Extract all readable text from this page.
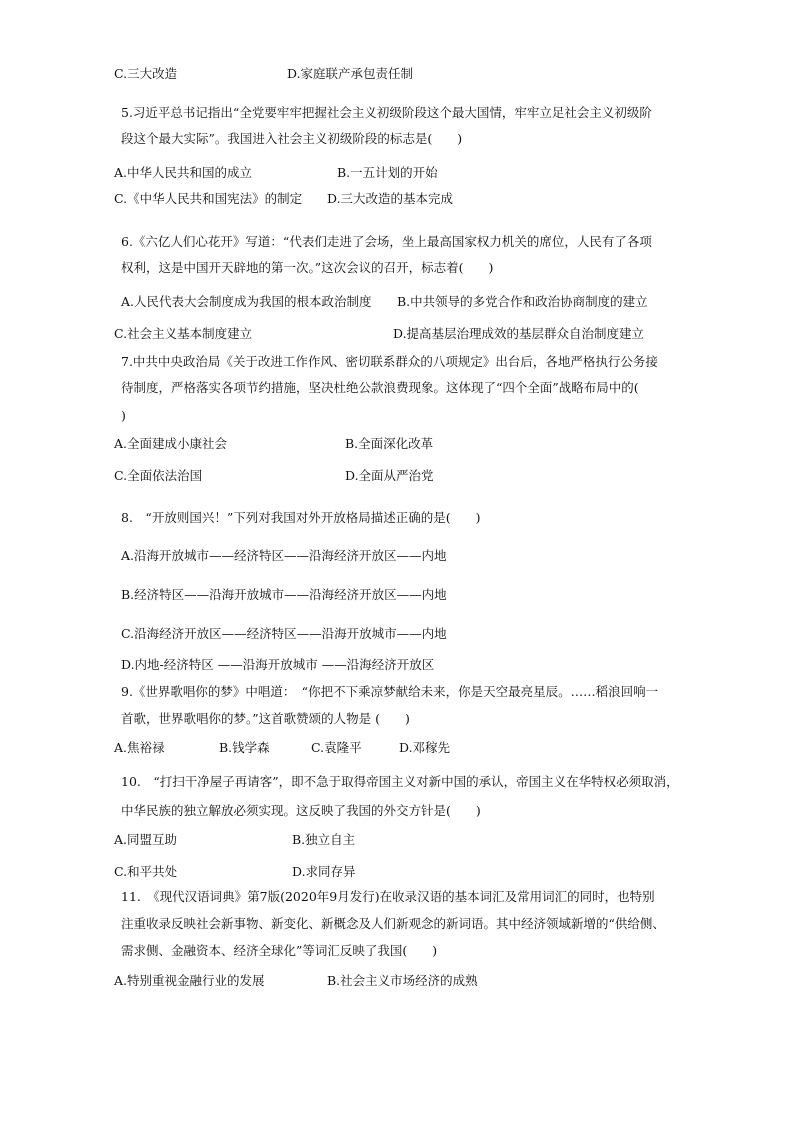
C.三大改造	D.家庭联产承包责任制
5.习近平总书记指出“全党要牢牢把握社会主义初级阶段这个最大国情，牢牢立足社会主义初级阶
段这个最大实际”。我国进入社会主义初级阶段的标志是(　　)
A.中华人民共和国的成立	B.一五计划的开始
C.《中华人民共和国宪法》的制定 D.三大改造的基本完成
6.《六亿人们心花开》写道：“代表们走进了会场，坐上最高国家权力机关的席位，人民有了各项
权利，这是中国开天辟地的第一次。”这次会议的召开，标志着(　　)
A.人民代表大会制度成为我国的根本政治制度 B.中共领导的多党合作和政治协商制度的建立
C.社会主义基本制度建立	D.提高基层治理成效的基层群众自治制度建立
7.中共中央政治局《关于改进工作作风、密切联系群众的八项规定》出台后，各地严格执行公务接
待制度，严格落实各项节约措施，坚决杜绝公款浪费现象。这体现了“四个全面”战略布局中的(
)
A.全面建成小康社会	B.全面深化改革
C.全面依法治国	D.全面从严治党
8.　“开放则国兴！”下列对我国对外开放格局描述正确的是(　　)
A.沿海开放城市——经济特区——沿海经济开放区——内地
B.经济特区——沿海开放城市——沿海经济开放区——内地
C.沿海经济开放区——经济特区——沿海开放城市——内地
D.内地-经济特区 ——沿海开放城市 ——沿海经济开放区
9.《世界歌唱你的梦》中唱道：　“你把不下乘凉梦献给未来，你是天空最亮星辰。……稻浪回响一
首歌，世界歌唱你的梦。”这首歌赞颂的人物是 (　　)
A.焦裕禄	B.钱学森	C.袁隆平	D.邓稼先
10.　“打扫干净屋子再请客”，即不急于取得帝国主义对新中国的承认，帝国主义在华特权必须取消，
中华民族的独立解放必须实现。这反映了我国的外交方针是(　　)
A.同盟互助	B.独立自主
C.和平共处	D.求同存异
11.　《现代汉语词典》第7版(2020年9月发行)在收录汉语的基本词汇及常用词汇的同时，也特别
注重收录反映社会新事物、新变化、新概念及人们新观念的新词语。其中经济领域新增的“供给侧、
需求侧、金融资本、经济全球化”等词汇反映了我国(　　)
A.特别重视金融行业的发展	B.社会主义市场经济的成熟
